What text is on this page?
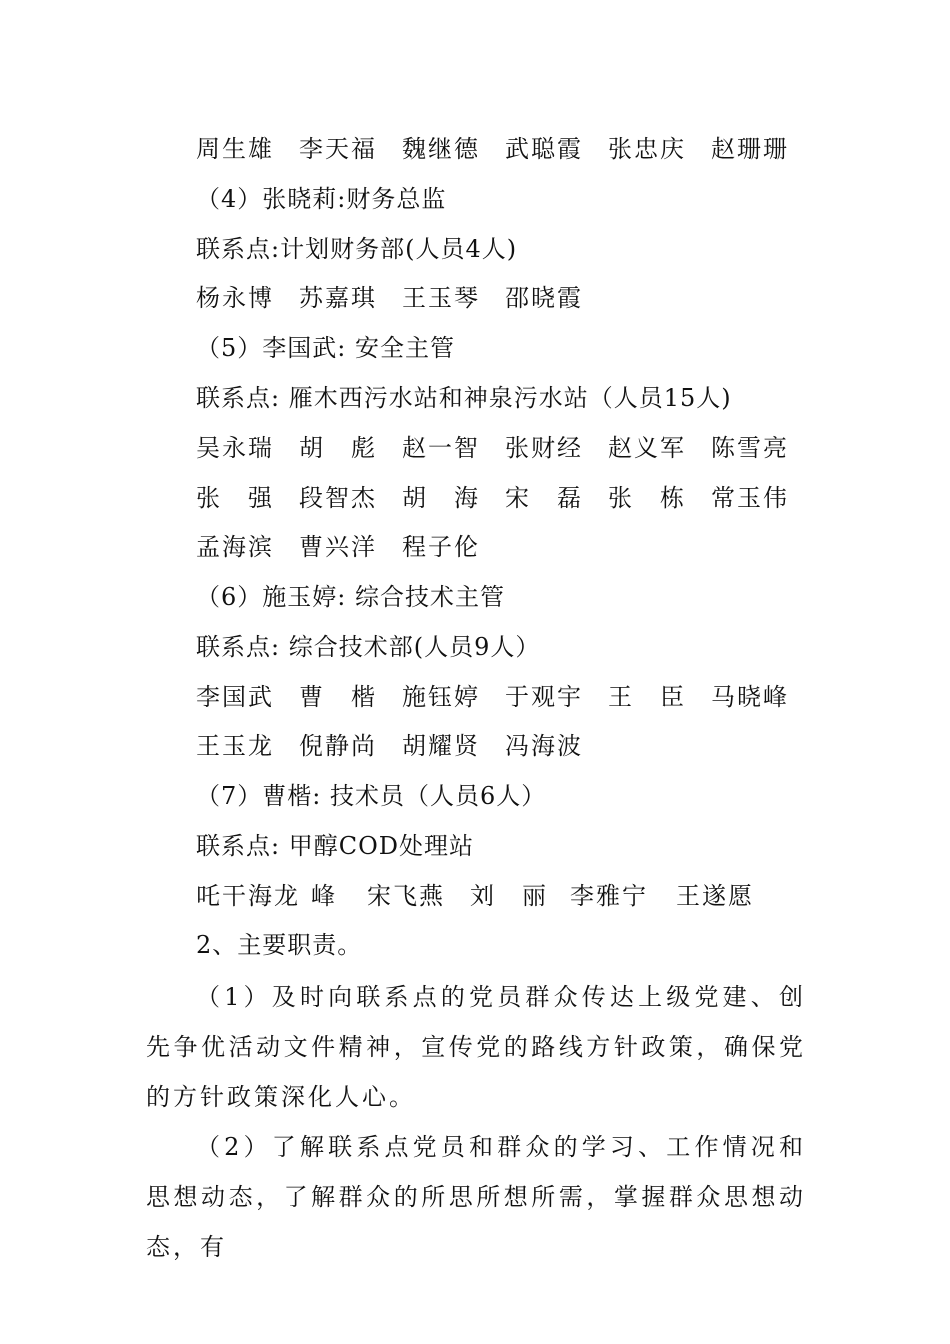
周生雄	李天福	魏继德	武聪霞	张忠庆	赵珊珊
（4）张晓莉:财务总监
联系点:计划财务部(人员4人)
杨永博	苏嘉琪	王玉琴	邵晓霞
（5）李国武: 安全主管
联系点: 雁木西污水站和神泉污水站（人员15人)
吴永瑞	胡　彪	赵一智	张财经	赵义军	陈雪亮
张　强	段智杰	胡　海	宋　磊	张　栋	常玉伟
孟海滨	曹兴洋	程子伦
（6）施玉婷: 综合技术主管
联系点: 综合技术部(人员9人）
李国武	曹　楷	施钰婷	于观宇	王　臣	马晓峰
王玉龙	倪静尚	胡耀贤	冯海波
（7）曹楷: 技术员（人员6人）
联系点: 甲醇COD处理站
吒干海龙 峰	宋飞燕	刘　丽 李雅宁	王遂愿
2、主要职责。
（1）及时向联系点的党员群众传达上级党建、创先争优活动文件精神，宣传党的路线方针政策，确保党的方针政策深化人心。
（2）了解联系点党员和群众的学习、工作情况和思想动态，了解群众的所思所想所需，掌握群众思想动态，有
